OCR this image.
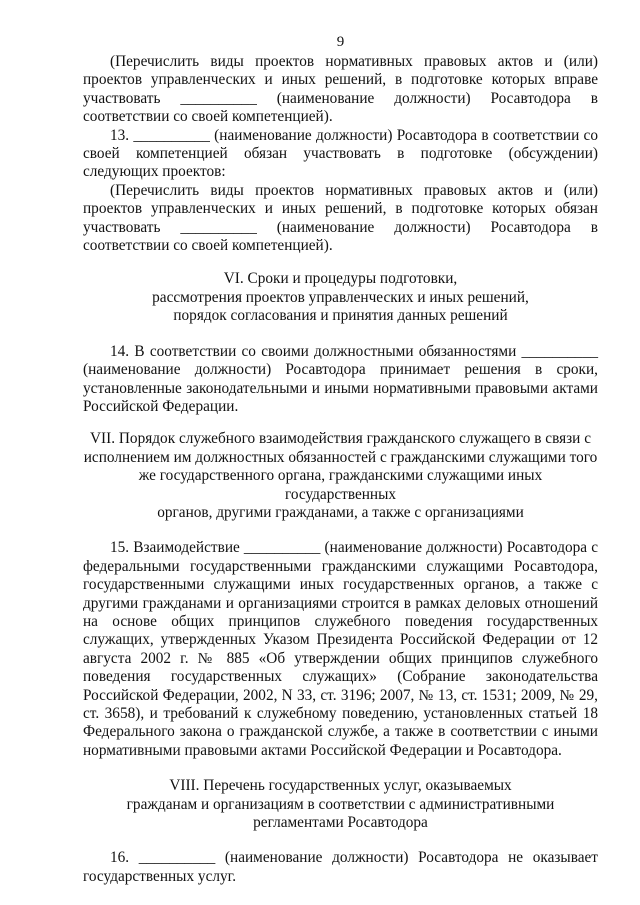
9

(Перечислить виды проектов нормативных правовых актов и (или) проектов управленческих и иных решений, в подготовке которых вправе участвовать __________ (наименование должности) Росавтодора в соответствии со своей компетенцией).

13. __________ (наименование должности) Росавтодора в соответствии со своей компетенцией обязан участвовать в подготовке (обсуждении) следующих проектов:

(Перечислить виды проектов нормативных правовых актов и (или) проектов управленческих и иных решений, в подготовке которых обязан участвовать __________ (наименование должности) Росавтодора в соответствии со своей компетенцией).

VI. Сроки и процедуры подготовки,
рассмотрения проектов управленческих и иных решений,
порядок согласования и принятия данных решений

14. В соответствии со своими должностными обязанностями __________ (наименование должности) Росавтодора принимает решения в сроки, установленные законодательными и иными нормативными правовыми актами Российской Федерации.

VII. Порядок служебного взаимодействия гражданского служащего в связи с
исполнением им должностных обязанностей с гражданскими служащими того
же государственного органа, гражданскими служащими иных государственных
органов, другими гражданами, а также с организациями

15. Взаимодействие __________ (наименование должности) Росавтодора с федеральными государственными гражданскими служащими Росавтодора, государственными служащими иных государственных органов, а также с другими гражданами и организациями строится в рамках деловых отношений на основе общих принципов служебного поведения государственных служащих, утвержденных Указом Президента Российской Федерации от 12 августа 2002 г. № 885 «Об утверждении общих принципов служебного поведения государственных служащих» (Собрание законодательства Российской Федерации, 2002, N 33, ст. 3196; 2007, № 13, ст. 1531; 2009, № 29, ст. 3658), и требований к служебному поведению, установленных статьей 18 Федерального закона о гражданской службе, а также в соответствии с иными нормативными правовыми актами Российской Федерации и Росавтодора.

VIII. Перечень государственных услуг, оказываемых
гражданам и организациям в соответствии с административными
регламентами Росавтодора

16. __________ (наименование должности) Росавтодора не оказывает государственных услуг.
